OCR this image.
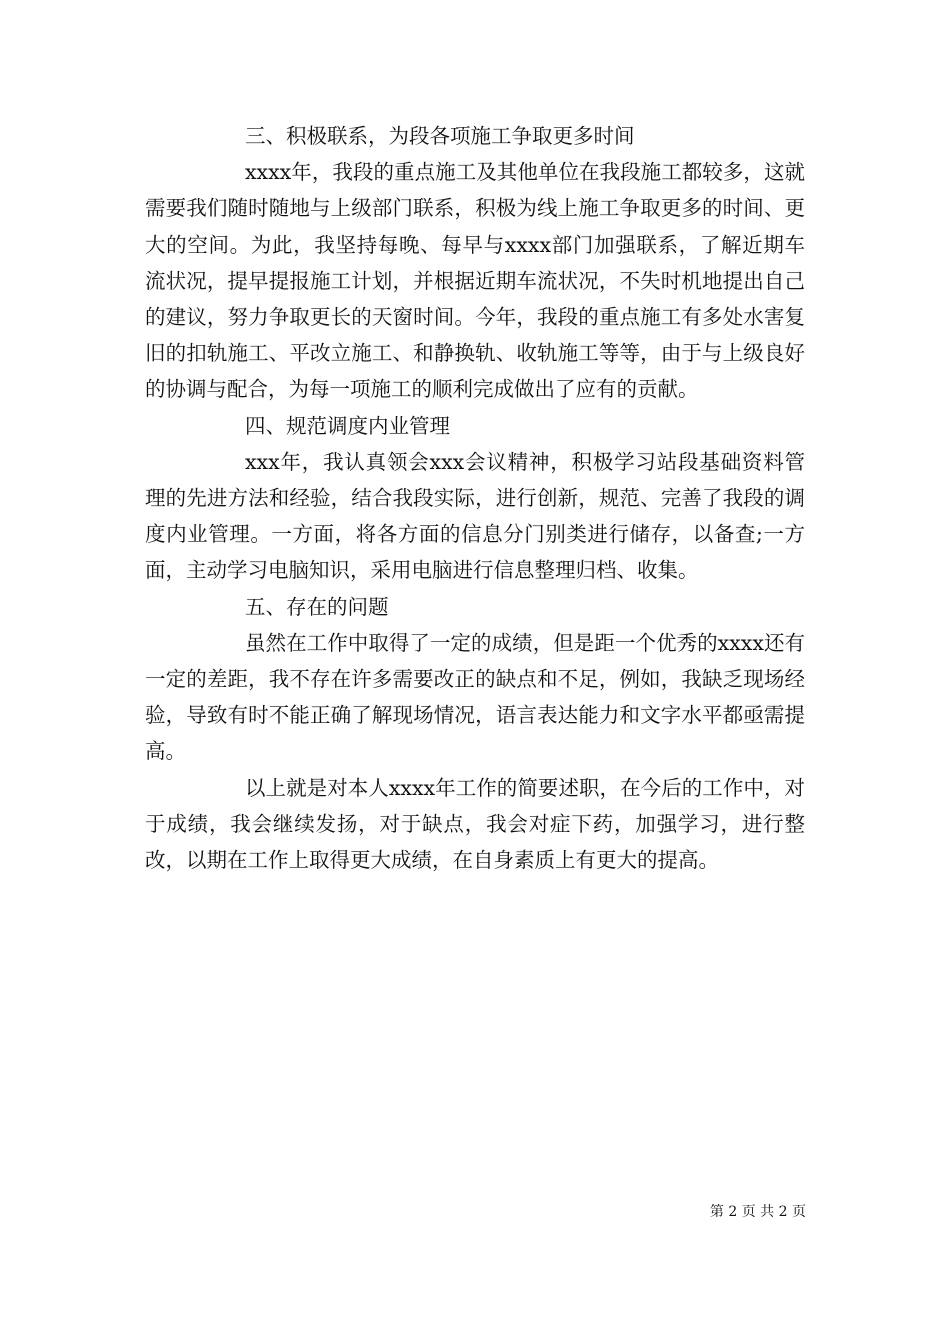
三、积极联系，为段各项施工争取更多时间

xxxx年，我段的重点施工及其他单位在我段施工都较多，这就需要我们随时随地与上级部门联系，积极为线上施工争取更多的时间、更大的空间。为此，我坚持每晚、每早与xxxx部门加强联系，了解近期车流状况，提早提报施工计划，并根据近期车流状况，不失时机地提出自己的建议，努力争取更长的天窗时间。今年，我段的重点施工有多处水害复旧的扣轨施工、平改立施工、和静换轨、收轨施工等等，由于与上级良好的协调与配合，为每一项施工的顺利完成做出了应有的贡献。

四、规范调度内业管理

xxx年，我认真领会xxx会议精神，积极学习站段基础资料管理的先进方法和经验，结合我段实际，进行创新，规范、完善了我段的调度内业管理。一方面，将各方面的信息分门别类进行储存，以备查;一方面，主动学习电脑知识，采用电脑进行信息整理归档、收集。

五、存在的问题

虽然在工作中取得了一定的成绩，但是距一个优秀的xxxx还有一定的差距，我不存在许多需要改正的缺点和不足，例如，我缺乏现场经验，导致有时不能正确了解现场情况，语言表达能力和文字水平都亟需提高。

以上就是对本人xxxx年工作的简要述职，在今后的工作中，对于成绩，我会继续发扬，对于缺点，我会对症下药，加强学习，进行整改，以期在工作上取得更大成绩，在自身素质上有更大的提高。

第 2 页 共 2 页
